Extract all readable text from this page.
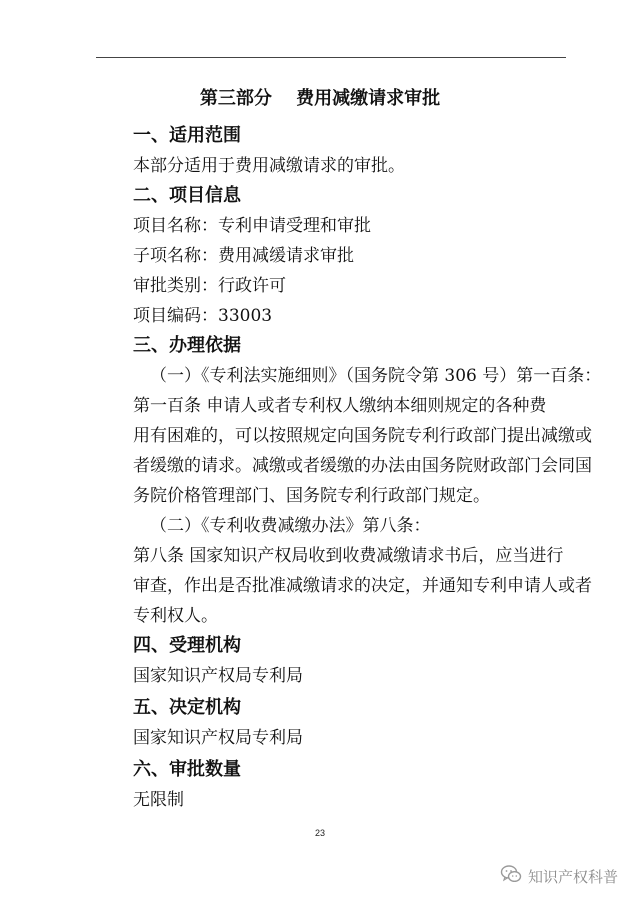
第三部分　 费用减缴请求审批
一、适用范围
本部分适用于费用减缴请求的审批。
二、项目信息
项目名称：专利申请受理和审批
子项名称：费用减缓请求审批
审批类别：行政许可
项目编码：33003
三、办理依据
（一）《专利法实施细则》（国务院令第 306 号）第一百条：
第一百条 申请人或者专利权人缴纳本细则规定的各种费
用有困难的，可以按照规定向国务院专利行政部门提出减缴或
者缓缴的请求。减缴或者缓缴的办法由国务院财政部门会同国
务院价格管理部门、国务院专利行政部门规定。
（二）《专利收费减缴办法》第八条：
第八条 国家知识产权局收到收费减缴请求书后，应当进行
审查，作出是否批准减缴请求的决定，并通知专利申请人或者
专利权人。
四、受理机构
国家知识产权局专利局
五、决定机构
国家知识产权局专利局
六、审批数量
无限制
23
知识产权科普
